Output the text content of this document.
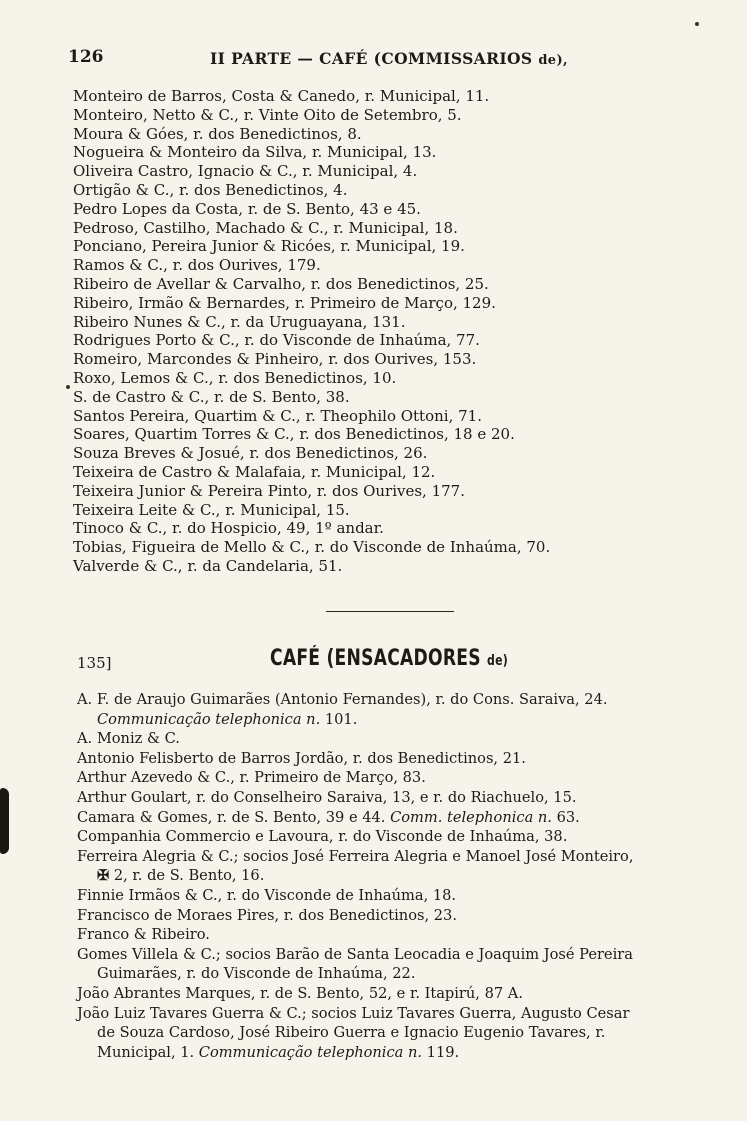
126	II PARTE — CAFÉ (COMMISSARIOS de),
Monteiro de Barros, Costa & Canedo, r. Municipal, 11.
Monteiro, Netto & C., r. Vinte Oito de Setembro, 5.
Moura & Góes, r. dos Benedictinos, 8.
Nogueira & Monteiro da Silva, r. Municipal, 13.
Oliveira Castro, Ignacio & C., r. Municipal, 4.
Ortigão & C., r. dos Benedictinos, 4.
Pedro Lopes da Costa, r. de S. Bento, 43 e 45.
Pedroso, Castilho, Machado & C., r. Municipal, 18.
Ponciano, Pereira Junior & Ricóes, r. Municipal, 19.
Ramos & C., r. dos Ourives, 179.
Ribeiro de Avellar & Carvalho, r. dos Benedictinos, 25.
Ribeiro, Irmão & Bernardes, r. Primeiro de Março, 129.
Ribeiro Nunes & C., r. da Uruguayana, 131.
Rodrigues Porto & C., r. do Visconde de Inhaúma, 77.
Romeiro, Marcondes & Pinheiro, r. dos Ourives, 153.
Roxo, Lemos & C., r. dos Benedictinos, 10.
S. de Castro & C., r. de S. Bento, 38.
Santos Pereira, Quartim & C., r. Theophilo Ottoni, 71.
Soares, Quartim Torres & C., r. dos Benedictinos, 18 e 20.
Souza Breves & Josué, r. dos Benedictinos, 26.
Teixeira de Castro & Malafaia, r. Municipal, 12.
Teixeira Junior & Pereira Pinto, r. dos Ourives, 177.
Teixeira Leite & C., r. Municipal, 15.
Tinoco & C., r. do Hospicio, 49, 1º andar.
Tobias, Figueira de Mello & C., r. do Visconde de Inhaúma, 70.
Valverde & C., r. da Candelaria, 51.
135]	CAFÉ (ENSACADORES de)
A. F. de Araujo Guimarães (Antonio Fernandes), r. do Cons. Saraiva, 24.
Communicação telephonica n. 101.
A. Moniz & C.
Antonio Felisberto de Barros Jordão, r. dos Benedictinos, 21.
Arthur Azevedo & C., r. Primeiro de Março, 83.
Arthur Goulart, r. do Conselheiro Saraiva, 13, e r. do Riachuelo, 15.
Camara & Gomes, r. de S. Bento, 39 e 44. Comm. telephonica n. 63.
Companhia Commercio e Lavoura, r. do Visconde de Inhaúma, 38.
Ferreira Alegria & C.; socios José Ferreira Alegria e Manoel José Monteiro,
✠ 2, r. de S. Bento, 16.
Finnie Irmãos & C., r. do Visconde de Inhaúma, 18.
Francisco de Moraes Pires, r. dos Benedictinos, 23.
Franco & Ribeiro.
Gomes Villela & C.; socios Barão de Santa Leocadia e Joaquim José Pereira
Guimarães, r. do Visconde de Inhaúma, 22.
João Abrantes Marques, r. de S. Bento, 52, e r. Itapirú, 87 A.
João Luiz Tavares Guerra & C.; socios Luiz Tavares Guerra, Augusto Cesar
de Souza Cardoso, José Ribeiro Guerra e Ignacio Eugenio Tavares, r.
Municipal, 1. Communicação telephonica n. 119.
